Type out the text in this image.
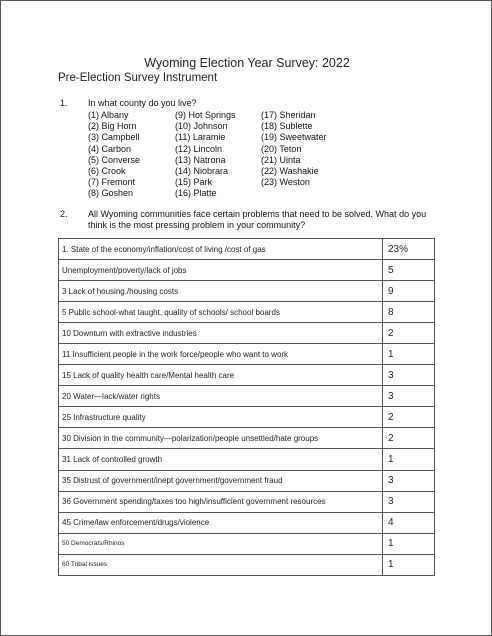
Wyoming Election Year Survey: 2022
Pre-Election Survey Instrument
1. In what county do you live?
(1) Albany
(2) Big Horn
(3) Campbell
(4) Carbon
(5) Converse
(6) Crook
(7) Fremont
(8) Goshen
(9) Hot Springs
(10) Johnson
(11) Laramie
(12) Lincoln
(13) Natrona
(14) Niobrara
(15) Park
(16) Platte
(17) Sheridan
(18) Sublette
(19) Sweetwater
(20) Teton
(21) Uinta
(22) Washakie
(23) Weston
2. All Wyoming communities face certain problems that need to be solved. What do you think is the most pressing problem in your community?
1. State of the economy/inflation/cost of living /cost of gas	23%
Unemployment/poverty/lack of jobs	5
3 Lack of housing./housing costs	9
5 Public school-what taught, quality of schools/ school boards	8
10 Downturn with extractive industries	2
11 Insufficient people in the work force/people who want to work	1
15 Lack of quality health care/Mental health care	3
20 Water—lack/water rights	3
25 Infrastructure quality	2
30 Division in the community—polarization/people unsettled/hate groups	2
31 Lack of controlled growth	1
35 Distrust of government/inept government/government fraud	3
36 Government spending/taxes too high/insufficient government resources	3
45 Crime/law enforcement/drugs/violence	4
50 Democrats/Rhinos	1
60 Tribal issues	1
